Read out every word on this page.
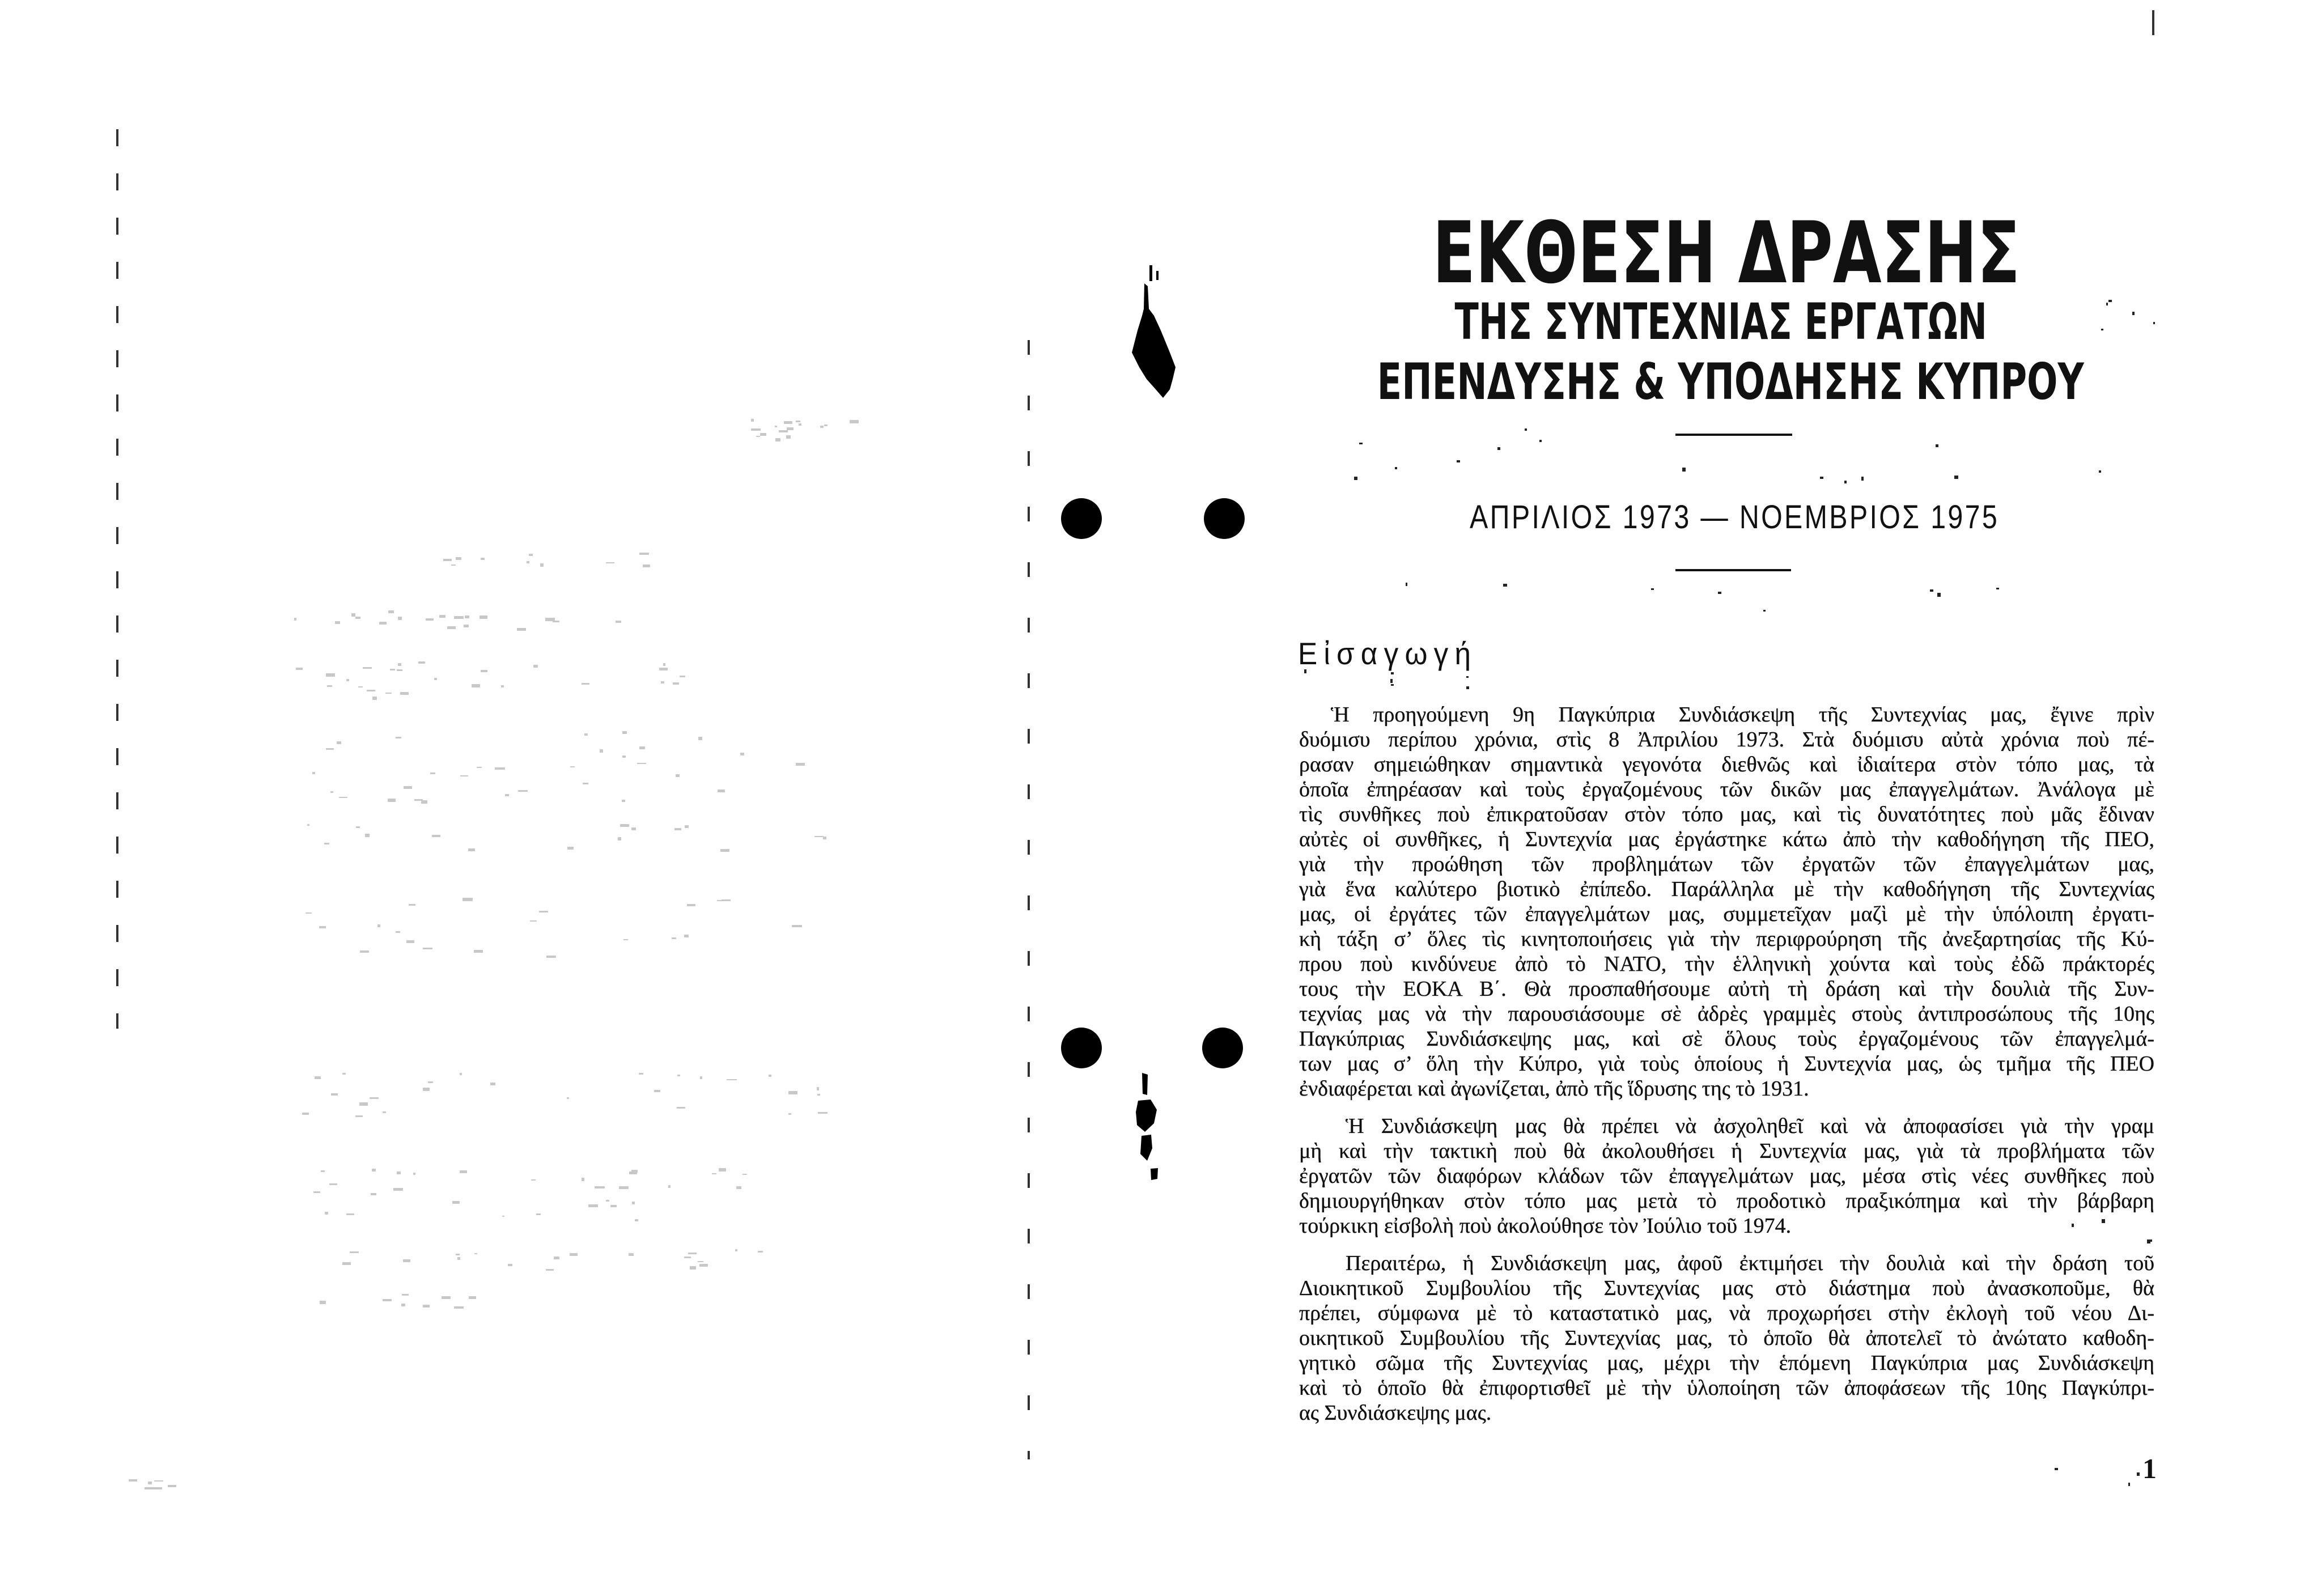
ΕΚΘΕΣΗ ΔΡΑΣΗΣ
ΤΗΣ ΣΥΝΤΕΧΝΙΑΣ ΕΡΓΑΤΩΝ
ΕΠΕΝΔΥΣΗΣ & ΥΠΟΔΗΣΗΣ ΚΥΠΡΟΥ
ΑΠΡΙΛΙΟΣ 1973 — ΝΟΕΜΒΡΙΟΣ 1975
Εἰσαγωγή
Ἡ προηγούμενη 9η Παγκύπρια Συνδιάσκεψη τῆς Συντεχνίας μας, ἔγινε πρὶν
δυόμισυ περίπου χρόνια, στὶς 8 Ἀπριλίου 1973. Στὰ δυόμισυ αὐτὰ χρόνια ποὺ πέ-
ρασαν σημειώθηκαν σημαντικὰ γεγονότα διεθνῶς καὶ ἰδιαίτερα στὸν τόπο μας, τὰ
ὁποῖα ἐπηρέασαν καὶ τοὺς ἐργαζομένους τῶν δικῶν μας ἐπαγγελμάτων. Ἀνάλογα μὲ
τὶς συνθῆκες ποὺ ἐπικρατοῦσαν στὸν τόπο μας, καὶ τὶς δυνατότητες ποὺ μᾶς ἔδιναν
αὐτὲς οἱ συνθῆκες, ἡ Συντεχνία μας ἐργάστηκε κάτω ἀπὸ τὴν καθοδήγηση τῆς ΠΕΟ,
γιὰ τὴν προώθηση τῶν προβλημάτων τῶν ἐργατῶν τῶν ἐπαγγελμάτων μας,
γιὰ ἕνα καλύτερο βιοτικὸ ἐπίπεδο. Παράλληλα μὲ τὴν καθοδήγηση τῆς Συντεχνίας
μας, οἱ ἐργάτες τῶν ἐπαγγελμάτων μας, συμμετεῖχαν μαζὶ μὲ τὴν ὑπόλοιπη ἐργατι-
κὴ τάξη σ’ ὅλες τὶς κινητοποιήσεις γιὰ τὴν περιφρούρηση τῆς ἀνεξαρτησίας τῆς Κύ-
πρου ποὺ κινδύνευε ἀπὸ τὸ ΝΑΤΟ, τὴν ἑλληνικὴ χούντα καὶ τοὺς ἐδῶ πράκτορές
τους τὴν ΕΟΚΑ Β΄. Θὰ προσπαθήσουμε αὐτὴ τὴ δράση καὶ τὴν δουλιὰ τῆς Συν-
τεχνίας μας νὰ τὴν παρουσιάσουμε σὲ ἀδρὲς γραμμὲς στοὺς ἀντιπροσώπους τῆς 10ης
Παγκύπριας Συνδιάσκεψης μας, καὶ σὲ ὅλους τοὺς ἐργαζομένους τῶν ἐπαγγελμά-
των μας σ’ ὅλη τὴν Κύπρο, γιὰ τοὺς ὁποίους ἡ Συντεχνία μας, ὡς τμῆμα τῆς ΠΕΟ
ἐνδιαφέρεται καὶ ἀγωνίζεται, ἀπὸ τῆς ἵδρυσης της τὸ 1931.
Ἡ Συνδιάσκεψη μας θὰ πρέπει νὰ ἀσχοληθεῖ καὶ νὰ ἀποφασίσει γιὰ τὴν γραμ
μὴ καὶ τὴν τακτικὴ ποὺ θὰ ἀκολουθήσει ἡ Συντεχνία μας, γιὰ τὰ προβλήματα τῶν
ἐργατῶν τῶν διαφόρων κλάδων τῶν ἐπαγγελμάτων μας, μέσα στὶς νέες συνθῆκες ποὺ
δημιουργήθηκαν στὸν τόπο μας μετὰ τὸ προδοτικὸ πραξικόπημα καὶ τὴν βάρβαρη
τούρκικη εἰσβολὴ ποὺ ἀκολούθησε τὸν Ἰούλιο τοῦ 1974.
Περαιτέρω, ἡ Συνδιάσκεψη μας, ἀφοῦ ἐκτιμήσει τὴν δουλιὰ καὶ τὴν δράση τοῦ
Διοικητικοῦ Συμβουλίου τῆς Συντεχνίας μας στὸ διάστημα ποὺ ἀνασκοποῦμε, θὰ
πρέπει, σύμφωνα μὲ τὸ καταστατικὸ μας, νὰ προχωρήσει στὴν ἐκλογὴ τοῦ νέου Δι-
οικητικοῦ Συμβουλίου τῆς Συντεχνίας μας, τὸ ὁποῖο θὰ ἀποτελεῖ τὸ ἀνώτατο καθοδη-
γητικὸ σῶμα τῆς Συντεχνίας μας, μέχρι τὴν ἑπόμενη Παγκύπρια μας Συνδιάσκεψη
καὶ τὸ ὁποῖο θὰ ἐπιφορτισθεῖ μὲ τὴν ὑλοποίηση τῶν ἀποφάσεων τῆς 10ης Παγκύπρι-
ας Συνδιάσκεψης μας.
1
